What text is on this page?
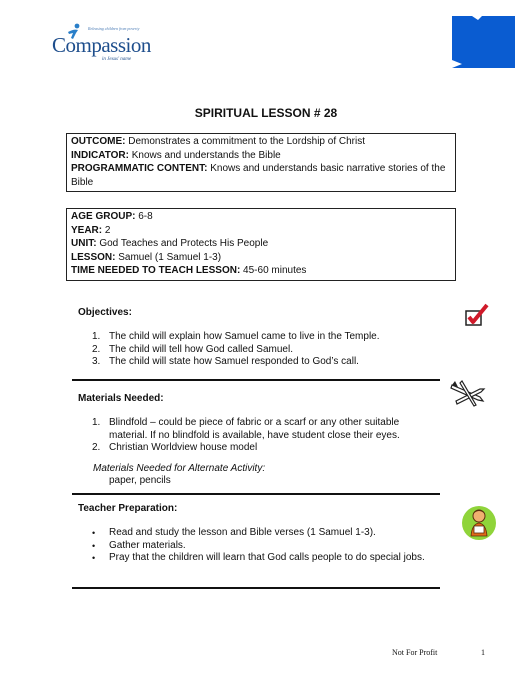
Releasing children from poverty
Compassion
in Jesus' name
SPIRITUAL LESSON # 28
OUTCOME: Demonstrates a commitment to the Lordship of Christ
INDICATOR: Knows and understands the Bible
PROGRAMMATIC CONTENT: Knows and understands basic narrative stories of the Bible
AGE GROUP: 6-8
YEAR: 2
UNIT: God Teaches and Protects His People
LESSON: Samuel (1 Samuel 1-3)
TIME NEEDED TO TEACH LESSON: 45-60 minutes
Objectives:
1. The child will explain how Samuel came to live in the Temple.
2. The child will tell how God called Samuel.
3. The child will state how Samuel responded to God’s call.
Materials Needed:
1. Blindfold – could be piece of fabric or a scarf or any other suitable material. If no blindfold is available, have student close their eyes.
2. Christian Worldview house model
Materials Needed for Alternate Activity:
paper, pencils
Teacher Preparation:
• Read and study the lesson and Bible verses (1 Samuel 1-3).
• Gather materials.
• Pray that the children will learn that God calls people to do special jobs.
Not For Profit	1
